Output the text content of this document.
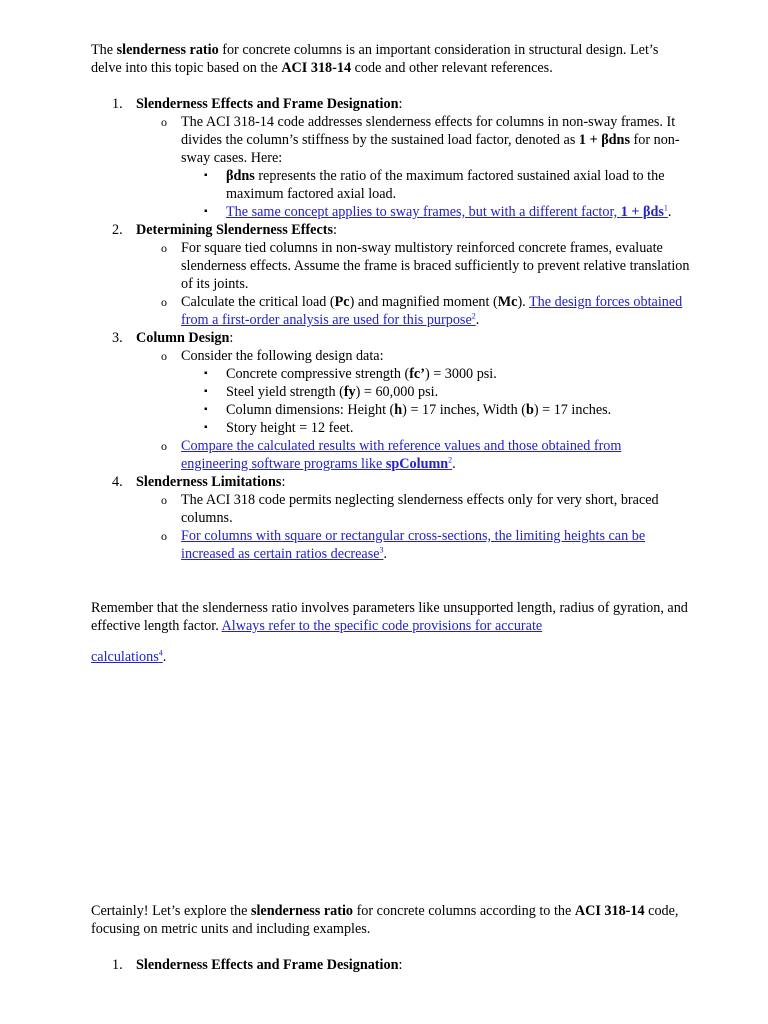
The slenderness ratio for concrete columns is an important consideration in structural design. Let’s delve into this topic based on the ACI 318-14 code and other relevant references.

1. Slenderness Effects and Frame Designation:
o The ACI 318-14 code addresses slenderness effects for columns in non-sway frames. It divides the column’s stiffness by the sustained load factor, denoted as 1 + βdns for non-sway cases. Here:
▪ βdns represents the ratio of the maximum factored sustained axial load to the maximum factored axial load.
▪ The same concept applies to sway frames, but with a different factor, 1 + βds$^1$.
2. Determining Slenderness Effects:
o For square tied columns in non-sway multistory reinforced concrete frames, evaluate slenderness effects. Assume the frame is braced sufficiently to prevent relative translation of its joints.
o Calculate the critical load (Pc) and magnified moment (Mc). The design forces obtained from a first-order analysis are used for this purpose$^2$.
3. Column Design:
o Consider the following design data:
▪ Concrete compressive strength (fc’) = 3000 psi.
▪ Steel yield strength (fy) = 60,000 psi.
▪ Column dimensions: Height (h) = 17 inches, Width (b) = 17 inches.
▪ Story height = 12 feet.
o Compare the calculated results with reference values and those obtained from engineering software programs like spColumn$^2$.
4. Slenderness Limitations:
o The ACI 318 code permits neglecting slenderness effects only for very short, braced columns.
o For columns with square or rectangular cross-sections, the limiting heights can be increased as certain ratios decrease$^3$.

Remember that the slenderness ratio involves parameters like unsupported length, radius of gyration, and effective length factor. Always refer to the specific code provisions for accurate

calculations$^4$.

Certainly! Let’s explore the slenderness ratio for concrete columns according to the ACI 318-14 code, focusing on metric units and including examples.

1. Slenderness Effects and Frame Designation:
